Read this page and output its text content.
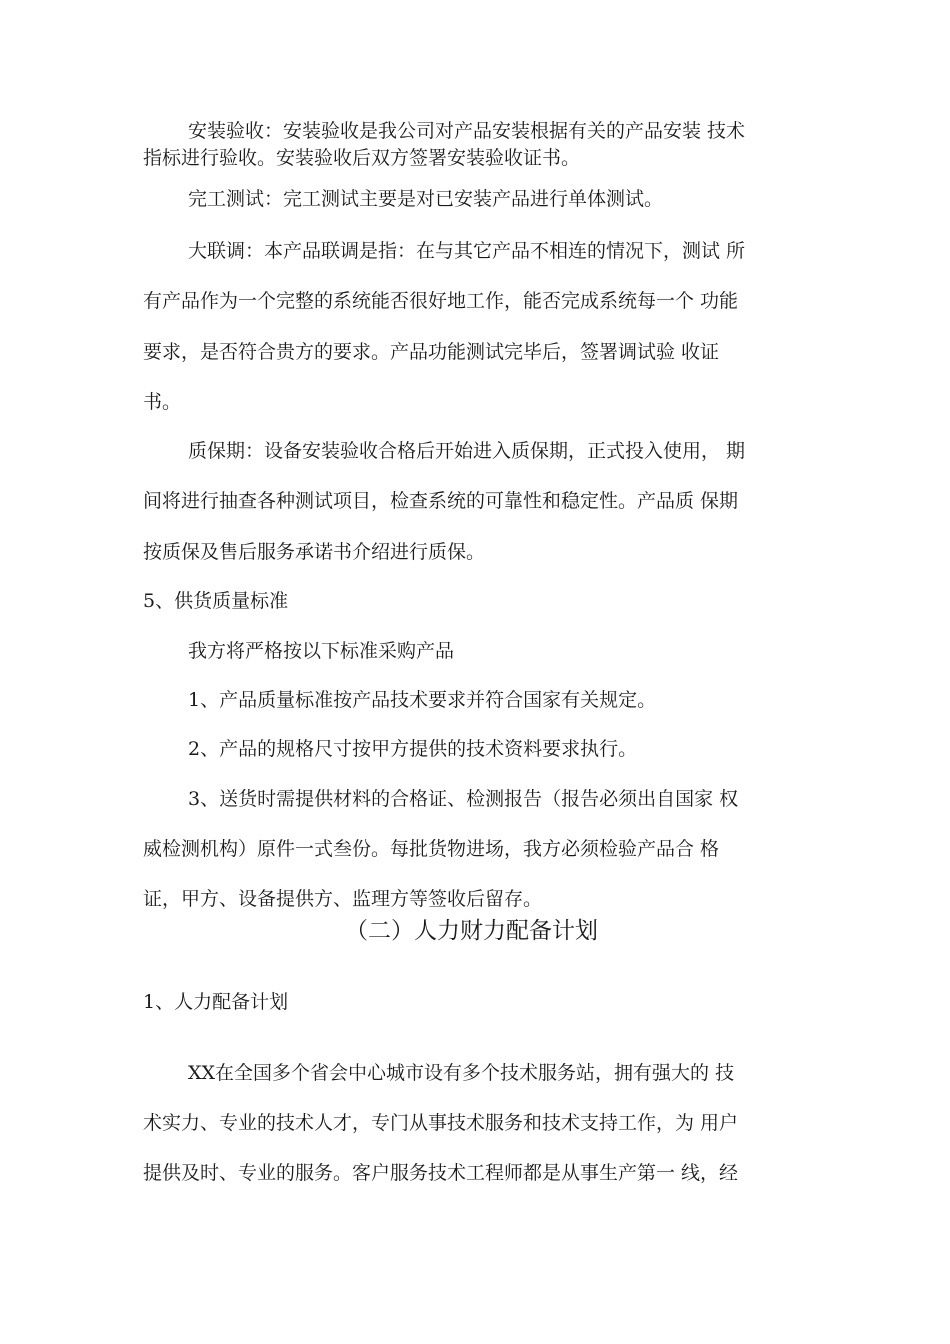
安装验收：安装验收是我公司对产品安装根据有关的产品安装 技术
指标进行验收。安装验收后双方签署安装验收证书。
完工测试：完工测试主要是对已安装产品进行单体测试。
大联调：本产品联调是指：在与其它产品不相连的情况下，测试 所
有产品作为一个完整的系统能否很好地工作，能否完成系统每一个 功能
要求，是否符合贵方的要求。产品功能测试完毕后，签署调试验 收证
书。
质保期：设备安装验收合格后开始进入质保期，正式投入使用， 期
间将进行抽查各种测试项目，检查系统的可靠性和稳定性。产品质 保期
按质保及售后服务承诺书介绍进行质保。
5、供货质量标准
我方将严格按以下标准采购产品
1、产品质量标准按产品技术要求并符合国家有关规定。
2、产品的规格尺寸按甲方提供的技术资料要求执行。
3、送货时需提供材料的合格证、检测报告（报告必须出自国家 权
威检测机构）原件一式叁份。每批货物进场，我方必须检验产品合 格
证，甲方、设备提供方、监理方等签收后留存。
（二）人力财力配备计划
1、人力配备计划
XX在全国多个省会中心城市设有多个技术服务站，拥有强大的 技
术实力、专业的技术人才，专门从事技术服务和技术支持工作，为 用户
提供及时、专业的服务。客户服务技术工程师都是从事生产第一 线，经
